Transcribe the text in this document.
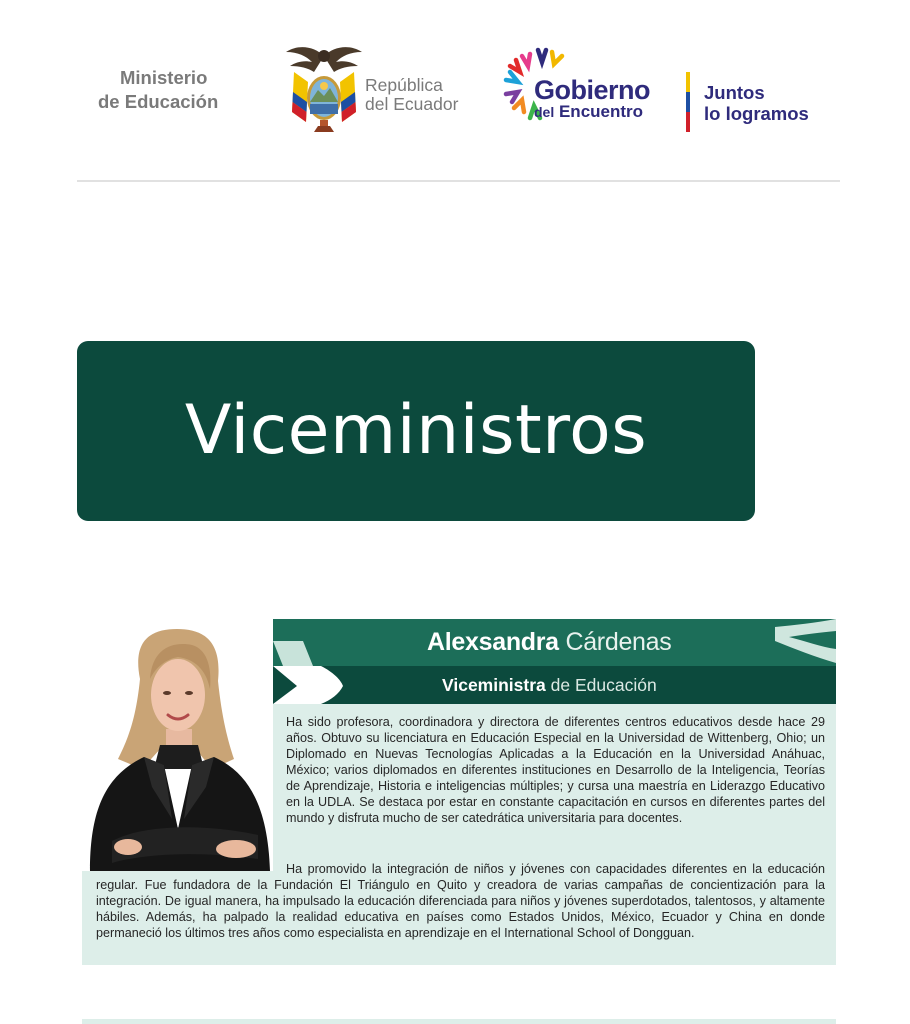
Ministerio
de Educación
República
del Ecuador	Gobierno
del Encuentro
Juntos
lo logramos
Viceministros
Alexsandra Cárdenas
Viceministra de Educación

Ha sido profesora, coordinadora y directora de diferentes centros educativos desde hace 29 años. Obtuvo su licenciatura en Educación Especial en la Universidad de Wittenberg, Ohio; un Diplomado en Nuevas Tecnologías Aplicadas a la Educación en la Universidad Anáhuac, México; varios diplomados en diferentes instituciones en Desarrollo de la Inteligencia, Teorías de Aprendizaje, Historia e inteligencias múltiples; y cursa una maestría en Liderazgo Educativo en la UDLA. Se destaca por estar en constante capacitación en cursos en diferentes partes del mundo y disfruta mucho de ser catedrática universitaria para docentes.

Ha promovido la integración de niños y jóvenes con capacidades diferentes en la educación regular. Fue fundadora de la Fundación El Triángulo en Quito y creadora de varias campañas de concientización para la integración. De igual manera, ha impulsado la educación diferenciada para niños y jóvenes superdotados, talentosos, y altamente hábiles. Además, ha palpado la realidad educativa en países como Estados Unidos, México, Ecuador y China en donde permaneció los últimos tres años como especialista en aprendizaje en el International School of Dongguan.
